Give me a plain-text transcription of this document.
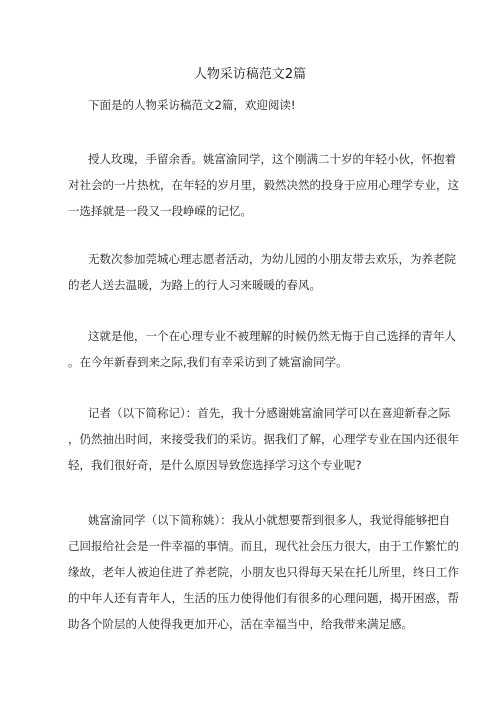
人物采访稿范文2篇

下面是的人物采访稿范文2篇，欢迎阅读!

授人玫瑰，手留余香。姚富渝同学，这个刚满二十岁的年轻小伙，怀抱着
对社会的一片热枕，在年轻的岁月里，毅然决然的投身于应用心理学专业，这
一选择就是一段又一段峥嵘的记忆。

无数次参加莞城心理志愿者活动，为幼儿园的小朋友带去欢乐，为养老院
的老人送去温暖，为路上的行人习来暖暖的春风。

这就是他，一个在心理专业不被理解的时候仍然无悔于自己选择的青年人
。在今年新春到来之际,我们有幸采访到了姚富渝同学。

记者（以下简称记）：首先，我十分感谢姚富渝同学可以在喜迎新春之际
，仍然抽出时间，来接受我们的采访。据我们了解，心理学专业在国内还很年
轻，我们很好奇，是什么原因导致您选择学习这个专业呢?

姚富渝同学（以下简称姚）：我从小就想要帮到很多人，我觉得能够把自
己回报给社会是一件幸福的事情。而且，现代社会压力很大，由于工作繁忙的
缘故，老年人被迫住进了养老院，小朋友也只得每天呆在托儿所里，终日工作
的中年人还有青年人，生活的压力使得他们有很多的心理问题，揭开困惑，帮
助各个阶层的人使得我更加开心，活在幸福当中，给我带来满足感。
